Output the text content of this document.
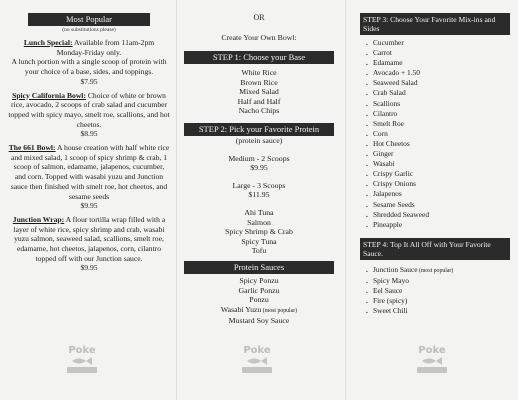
Most Popular
(no substitutions please)
Lunch Special: Available from 11am-2pm
Monday-Friday only.
A lunch portion with a single scoop of protein with your choice of a base, sides, and toppings.
$7.95
Spicy California Bowl: Choice of white or brown rice, avocado, 2 scoops of crab salad and cucumber topped with spicy mayo, smelt roe, scallions, and hot cheetos.
$8.95
The 661 Bowl: A house creation with half white rice and mixed salad, 1 scoop of spicy shrimp & crab, 1 scoop of salmon, edamame, jalapenos, cucumber, and corn. Topped with wasabi yuzu and Junction sauce then finished with smelt roe, hot cheetos, and sesame seeds
$9.95
Junction Wrap: A flour tortilla wrap filled with a layer of white rice, spicy shrimp and crab, wasabi yuzu salmon, seaweed salad, scallions, smelt roe, edamame, hot cheetos, jalapenos, corn, cilantro topped off with our Junction sauce.
$9.95
OR
Create Your Own Bowl:
STEP 1: Choose your Base
White Rice
Brown Rice
Mixed Salad
Half and Half
Nacho Chips
STEP 2: Pick your Favorite Protein
(protein sauce)
Medium - 2 Scoops
$9.95
Large - 3 Scoops
$11.95
Ahi Tuna
Salmon
Spicy Shrimp & Crab
Spicy Tuna
Tofu
Protein Sauces
Spicy Ponzu
Garlic Ponzu
Ponzu
Wasabi Yuzu (most popular)
Mustard Soy Sauce
STEP 3: Choose Your Favorite Mix-ins and Sides
. Cucumber
. Carrot
. Edamame
. Avocado + 1.50
. Seaweed Salad
. Crab Salad
. Scallions
. Cilantro
. Smelt Roe
. Corn
. Hot Cheetos
. Ginger
. Wasabi
. Crispy Garlic
. Crispy Onions
. Jalapenos
. Sesame Seeds
. Shredded Seaweed
. Pineapple
STEP 4: Top It All Off with Your Favorite Sauce.
. Junction Sauce (most popular)
. Spicy Mayo
. Eel Sauce
. Fire (spicy)
. Sweet Chili
Poke	Poke	Poke
